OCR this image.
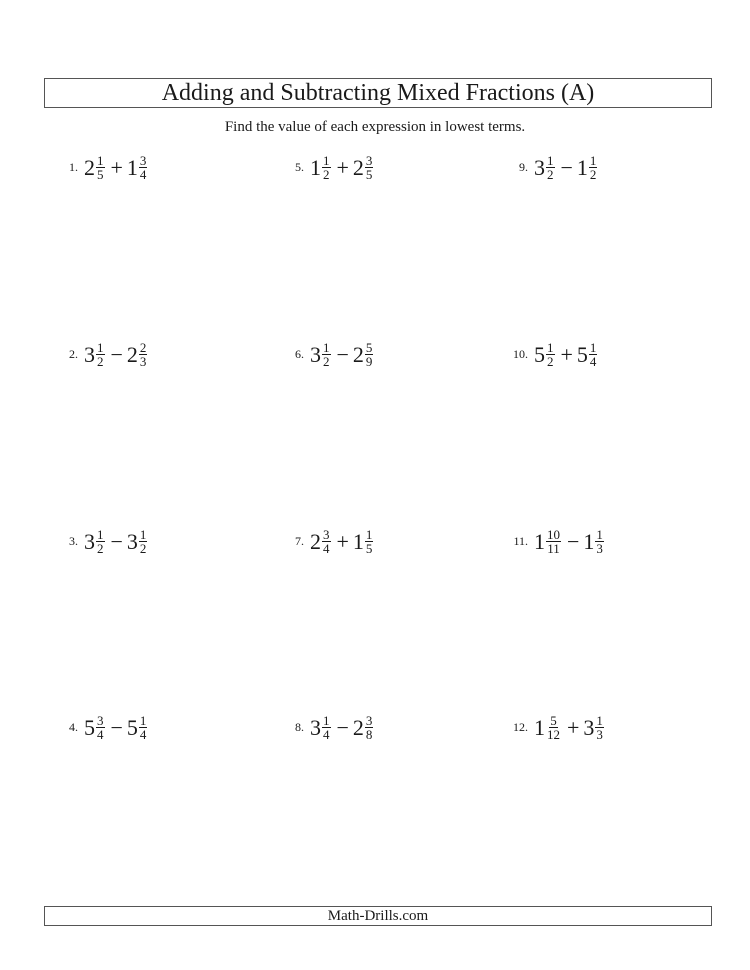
Adding and Subtracting Mixed Fractions (A)
Find the value of each expression in lowest terms.
1. $2 \frac{1}{5} + 1 \frac{3}{4}$
2. $3 \frac{1}{2} - 2 \frac{2}{3}$
3. $3 \frac{1}{2} - 3 \frac{1}{2}$
4. $5 \frac{3}{4} - 5 \frac{1}{4}$
5. $1 \frac{1}{2} + 2 \frac{3}{5}$
6. $3 \frac{1}{2} - 2 \frac{5}{9}$
7. $2 \frac{3}{4} + 1 \frac{1}{5}$
8. $3 \frac{1}{4} - 2 \frac{3}{8}$
9. $3 \frac{1}{2} - 1 \frac{1}{2}$
10. $5 \frac{1}{2} + 5 \frac{1}{4}$
11. $1 \frac{10}{11} - 1 \frac{1}{3}$
12. $1 \frac{5}{12} + 3 \frac{1}{3}$
Math-Drills.com
